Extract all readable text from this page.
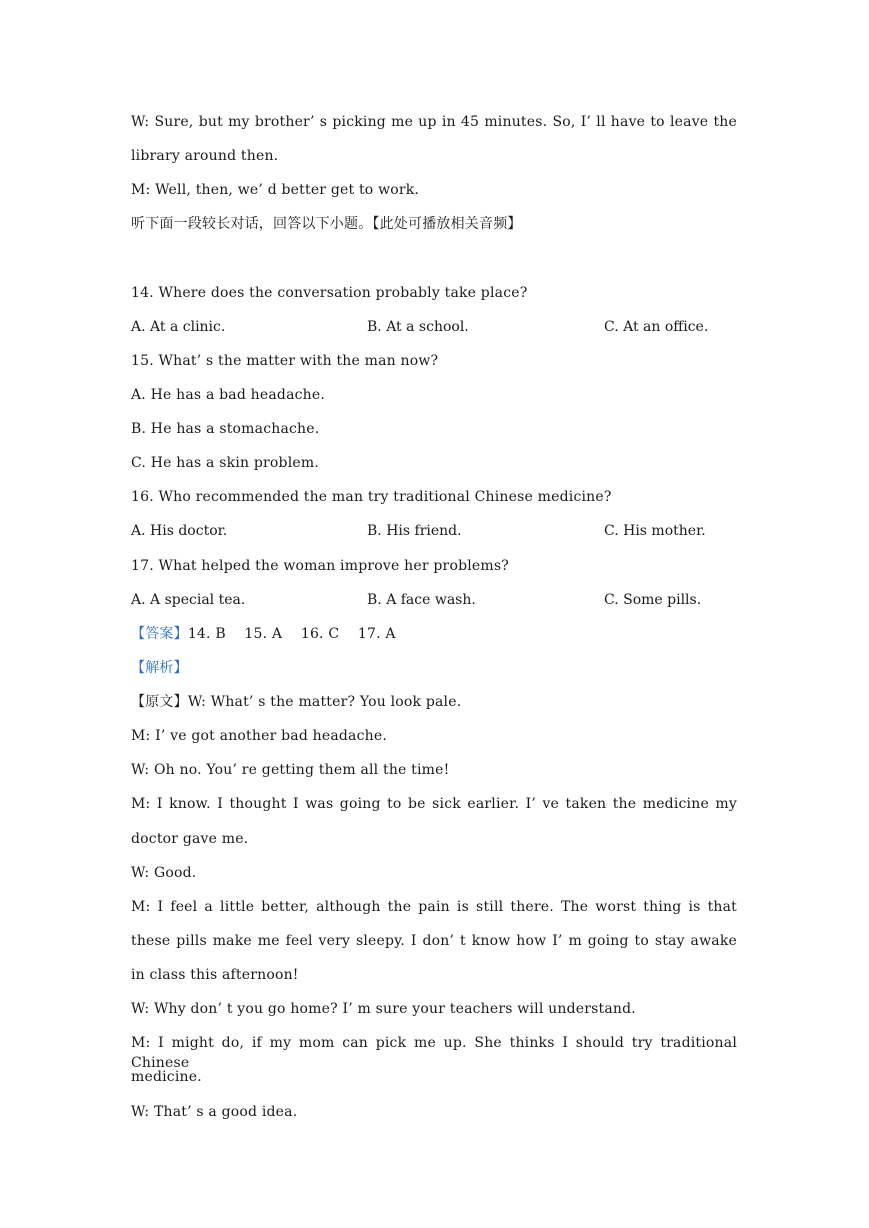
W: Sure, but my brother’ s picking me up in 45 minutes. So, I’ ll have to leave the
library around then.
M: Well, then, we’ d better get to work.
听下面一段较长对话，回答以下小题。【此处可播放相关音频】
14. Where does the conversation probably take place?
A. At a clinic.	B. At a school.	C. At an office.
15. What’ s the matter with the man now?
A. He has a bad headache.
B. He has a stomachache.
C. He has a skin problem.
16. Who recommended the man try traditional Chinese medicine?
A. His doctor.	B. His friend.	C. His mother.
17. What helped the woman improve her problems?
A. A special tea.	B. A face wash.	C. Some pills.
【答案】14. B    15. A    16. C    17. A
【解析】
【原文】W: What’ s the matter? You look pale.
M: I’ ve got another bad headache.
W: Oh no. You’ re getting them all the time!
M: I know. I thought I was going to be sick earlier. I’ ve taken the medicine my
doctor gave me.
W: Good.
M: I feel a little better, although the pain is still there. The worst thing is that
these pills make me feel very sleepy. I don’ t know how I’ m going to stay awake
in class this afternoon!
W: Why don’ t you go home? I’ m sure your teachers will understand.
M: I might do, if my mom can pick me up. She thinks I should try traditional Chinese
medicine.
W: That’ s a good idea.
